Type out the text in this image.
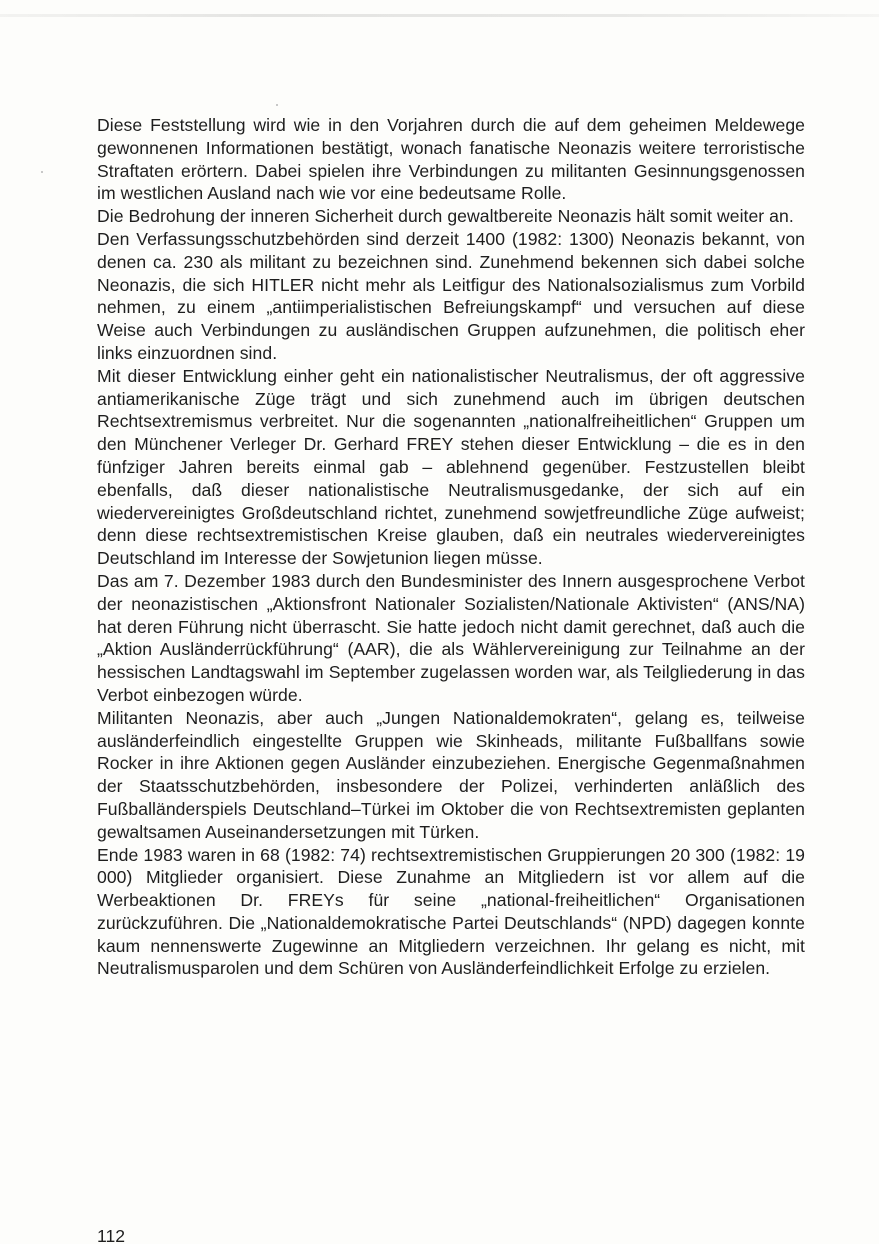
Diese Feststellung wird wie in den Vorjahren durch die auf dem geheimen Meldewege gewonnenen Informationen bestätigt, wonach fanatische Neonazis weitere terroristische Straftaten erörtern. Dabei spielen ihre Verbindungen zu militanten Gesinnungsgenossen im westlichen Ausland nach wie vor eine bedeutsame Rolle.

Die Bedrohung der inneren Sicherheit durch gewaltbereite Neonazis hält somit weiter an.

Den Verfassungsschutzbehörden sind derzeit 1400 (1982: 1300) Neonazis bekannt, von denen ca. 230 als militant zu bezeichnen sind. Zunehmend bekennen sich dabei solche Neonazis, die sich HITLER nicht mehr als Leitfigur des Nationalsozialismus zum Vorbild nehmen, zu einem „antiimperialistischen Befreiungskampf“ und versuchen auf diese Weise auch Verbindungen zu ausländischen Gruppen aufzunehmen, die politisch eher links einzuordnen sind.

Mit dieser Entwicklung einher geht ein nationalistischer Neutralismus, der oft aggressive antiamerikanische Züge trägt und sich zunehmend auch im übrigen deutschen Rechtsextremismus verbreitet. Nur die sogenannten „nationalfreiheitlichen“ Gruppen um den Münchener Verleger Dr. Gerhard FREY stehen dieser Entwicklung – die es in den fünfziger Jahren bereits einmal gab – ablehnend gegenüber. Festzustellen bleibt ebenfalls, daß dieser nationalistische Neutralismusgedanke, der sich auf ein wiedervereinigtes Großdeutschland richtet, zunehmend sowjetfreundliche Züge aufweist; denn diese rechtsextremistischen Kreise glauben, daß ein neutrales wiedervereinigtes Deutschland im Interesse der Sowjetunion liegen müsse.

Das am 7. Dezember 1983 durch den Bundesminister des Innern ausgesprochene Verbot der neonazistischen „Aktionsfront Nationaler Sozialisten/Nationale Aktivisten“ (ANS/NA) hat deren Führung nicht überrascht. Sie hatte jedoch nicht damit gerechnet, daß auch die „Aktion Ausländerrückführung“ (AAR), die als Wählervereinigung zur Teilnahme an der hessischen Landtagswahl im September zugelassen worden war, als Teilgliederung in das Verbot einbezogen würde.

Militanten Neonazis, aber auch „Jungen Nationaldemokraten“, gelang es, teilweise ausländerfeindlich eingestellte Gruppen wie Skinheads, militante Fußballfans sowie Rocker in ihre Aktionen gegen Ausländer einzubeziehen. Energische Gegenmaßnahmen der Staatsschutzbehörden, insbesondere der Polizei, verhinderten anläßlich des Fußballänderspiels Deutschland–Türkei im Oktober die von Rechtsextremisten geplanten gewaltsamen Auseinandersetzungen mit Türken.

Ende 1983 waren in 68 (1982: 74) rechtsextremistischen Gruppierungen 20 300 (1982: 19 000) Mitglieder organisiert. Diese Zunahme an Mitgliedern ist vor allem auf die Werbeaktionen Dr. FREYs für seine „national-freiheitlichen“ Organisationen zurückzuführen. Die „Nationaldemokratische Partei Deutschlands“ (NPD) dagegen konnte kaum nennenswerte Zugewinne an Mitgliedern verzeichnen. Ihr gelang es nicht, mit Neutralismusparolen und dem Schüren von Ausländerfeindlichkeit Erfolge zu erzielen.

112
